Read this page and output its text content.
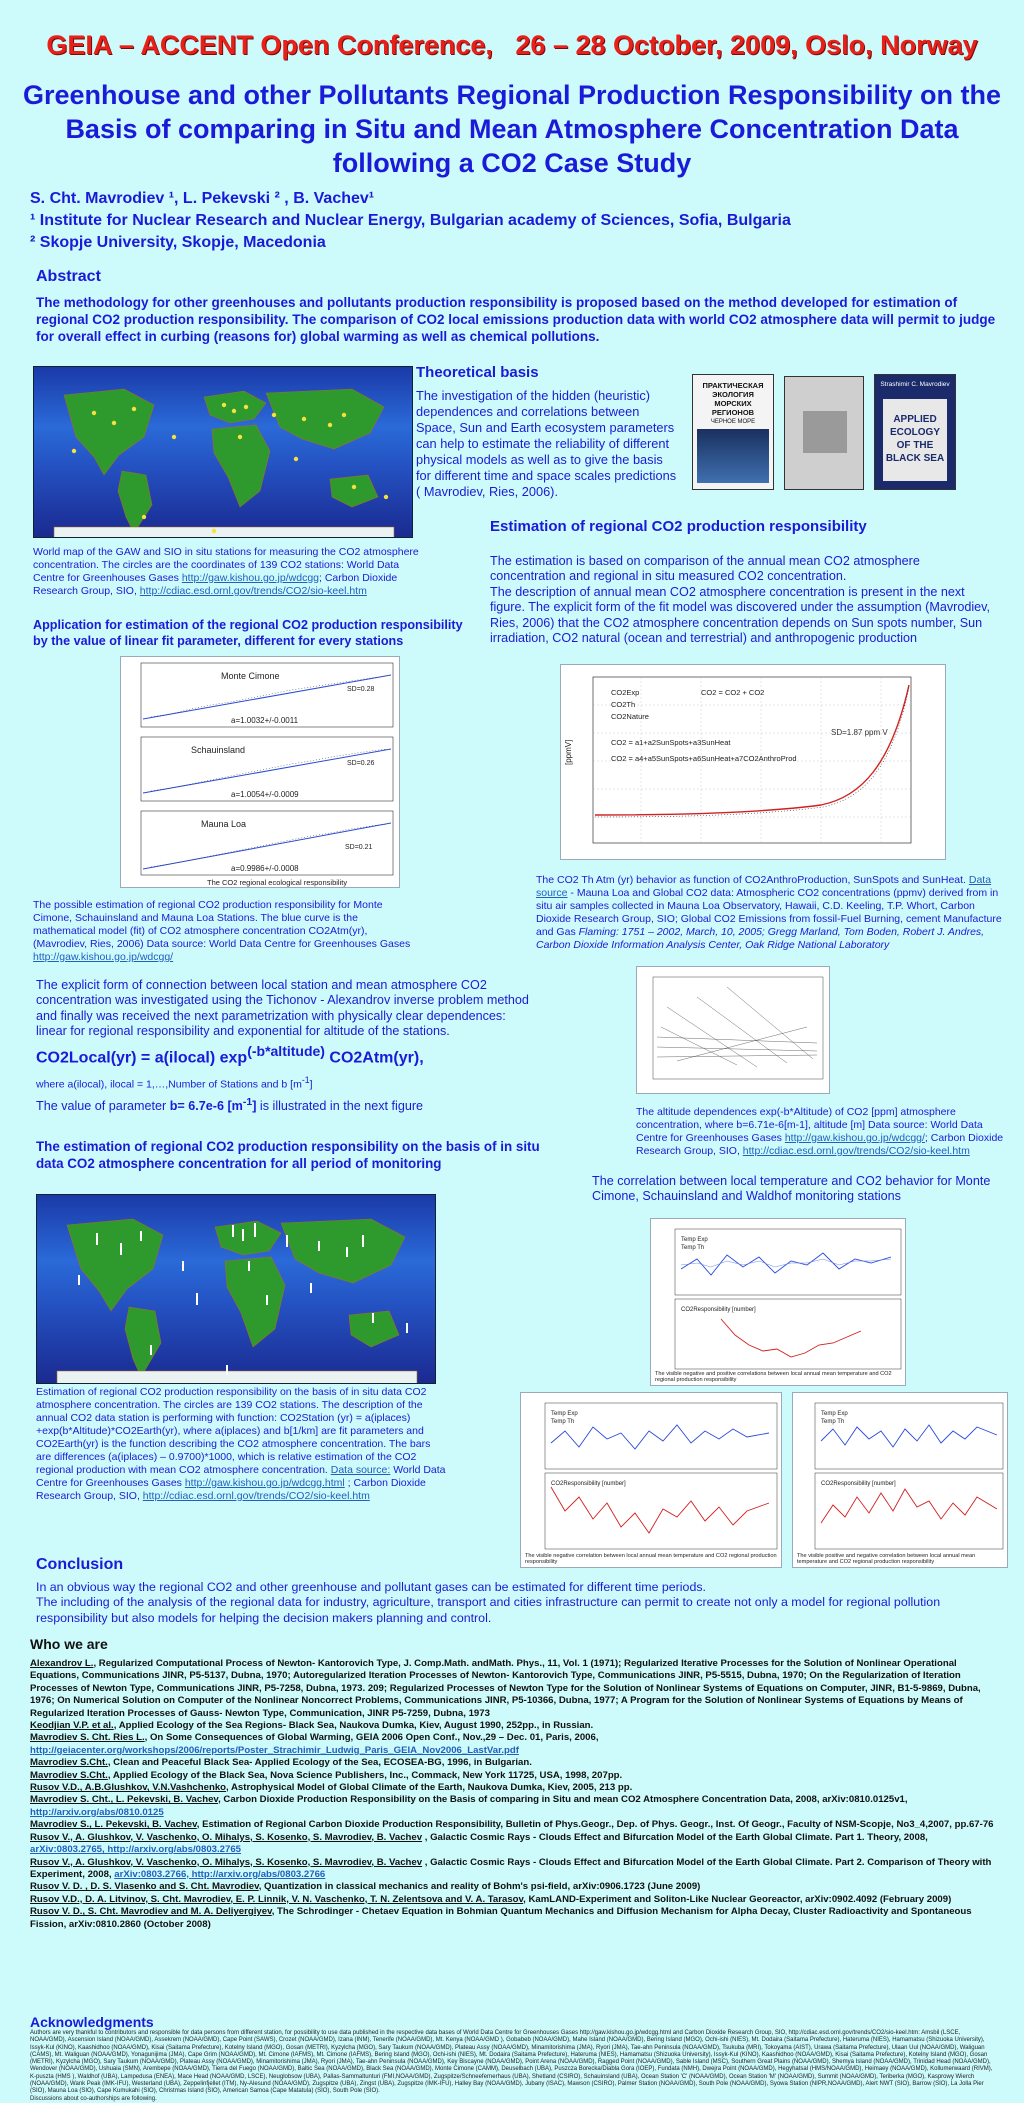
GEIA – ACCENT Open Conference,   26 – 28 October, 2009, Oslo, Norway
Greenhouse and other Pollutants Regional Production Responsibility on the Basis of comparing in Situ and Mean Atmosphere Concentration Data following a CO2 Case Study
S. Cht. Mavrodiev ¹, L. Pekevski ² , B. Vachev¹
¹ Institute for Nuclear Research and Nuclear Energy, Bulgarian academy of Sciences, Sofia, Bulgaria
² Skopje University, Skopje, Macedonia
Abstract
The methodology for other greenhouses and pollutants production responsibility is proposed based on the method developed for estimation of regional CO2 production responsibility. The comparison of CO2 local emissions production data with world CO2 atmosphere data will permit to judge for overall effect in curbing (reasons for) global warming as well as chemical pollutions.
World map of the GAW and SIO in situ stations for measuring the CO2 atmosphere concentration. The circles are the coordinates of 139 CO2 stations: World Data Centre for Greenhouses Gases http://gaw.kishou.go.jp/wdcgg; Carbon Dioxide Research Group, SIO, http://cdiac.esd.ornl.gov/trends/CO2/sio-keel.htm
Theoretical basis
The investigation of the hidden (heuristic) dependences and correlations between Space, Sun and Earth ecosystem parameters can help to estimate the reliability of different physical models as well as to give the basis for different time and space scales predictions ( Mavrodiev, Ries, 2006).
ПРАКТИЧЕСКАЯ ЭКОЛОГИЯ МОРСКИХ РЕГИОНОВ
ЧЕРНОЕ МОРЕ
Strashimir C. Mavrodiev
APPLIED ECOLOGY OF THE BLACK SEA
Estimation of regional CO2 production responsibility
The estimation is based on comparison of the annual mean CO2 atmosphere concentration and regional in situ measured CO2 concentration.
The description of annual mean CO2 atmosphere concentration is present in the next figure. The explicit form of the fit model was discovered under the assumption (Mavrodiev, Ries, 2006) that the CO2 atmosphere concentration depends on Sun spots number, Sun irradiation, CO2 natural (ocean and terrestrial) and anthropogenic production
Application for estimation of the regional CO2 production responsibility by the value of linear fit parameter, different for every stations
Monte Cimone
SD=0.28
a=1.0032+/-0.0011
Schauinsland
SD=0.26
a=1.0054+/-0.0009
Mauna Loa
SD=0.21
a=0.9986+/-0.0008
The CO2 regional ecological responsibility
The possible estimation of regional CO2 production responsibility for Monte Cimone, Schauinsland and Mauna Loa Stations. The blue curve is the mathematical model (fit) of CO2 atmosphere concentration CO2Atm(yr), (Mavrodiev, Ries, 2006) Data source: World Data Centre for Greenhouses Gases http://gaw.kishou.go.jp/wdcgg/
[ppmV]
SD=1.87 ppm V
CO2Exp
CO2Th
CO2Nature
CO2 = CO2 + CO2
CO2 = a1+a2SunSpots+a3SunHeat
CO2 = a4+a5SunSpots+a6SunHeat+a7CO2AnthroProd
The CO2 Th Atm (yr) behavior as function of CO2AnthroProduction, SunSpots and SunHeat. Data source - Mauna Loa and Global CO2 data: Atmospheric CO2 concentrations (ppmv) derived from in situ air samples collected in Mauna Loa Observatory, Hawaii, C.D. Keeling, T.P. Whort, Carbon Dioxide Research Group, SIO; Global CO2 Emissions from fossil-Fuel Burning, cement Manufacture and Gas Flaming: 1751 – 2002, March, 10, 2005; Gregg Marland, Tom Boden, Robert J. Andres, Carbon Dioxide Information Analysis Center, Oak Ridge National Laboratory
The explicit form of connection between local station and mean atmosphere CO2 concentration was investigated using the Tichonov - Alexandrov inverse problem method and finally was received the next parametrization with physically clear dependences: linear for regional responsibility and exponential for altitude of the stations.
CO2Local(yr) = a(ilocal) $\exp^{(-b*altitude)} CO2Atm(yr)$,
where a(ilocal), ilocal = 1,…,Number of Stations and b $[m^{-1}]$
The value of parameter b= 6.7e-6 $[m^{-1}]$ is illustrated in the next figure	The altitude dependences exp(-b*Altitude) of CO2 [ppm] atmosphere concentration, where b=6.71e-6[m-1], altitude [m] Data source: World Data Centre for Greenhouses Gases http://gaw.kishou.go.jp/wdcgg/; Carbon Dioxide Research Group, SIO, http://cdiac.esd.ornl.gov/trends/CO2/sio-keel.htm
The estimation of regional CO2 production responsibility on the basis of in situ data CO2 atmosphere concentration for all period of monitoring
Estimation of regional CO2 production responsibility on the basis of in situ data CO2 atmosphere concentration. The circles are 139 CO2 stations. The description of the annual CO2 data station is performing with function: CO2Station (yr) = a(iplaces) +exp(b*Altitude)*CO2Earth(yr), where a(iplaces) and b[1/km] are fit parameters and CO2Earth(yr) is the function describing the CO2 atmosphere concentration. The bars are differences (a(iplaces) – 0.9700)*1000, which is relative estimation of the CO2 regional production with mean CO2 atmosphere concentration. Data source: World Data Centre for Greenhouses Gases http://gaw.kishou.go.jp/wdcgg.html ; Carbon Dioxide Research Group, SIO, http://cdiac.esd.ornl.gov/trends/CO2/sio-keel.htm
The correlation between local temperature and CO2 behavior for Monte Cimone, Schauinsland and Waldhof monitoring stations
Temp Exp
Temp Th
CO2Responsibility [number]
The visible negative and positive correlations between local annual mean temperature and CO2 regional production responsibility
Temp Exp
Temp Th
CO2Responsibility [number]
The visible negative correlation between local annual mean temperature and CO2 regional production responsibility
Temp Exp
Temp Th
CO2Responsibility [number]
The visible positive and negative correlation between local annual mean temperature and CO2 regional production responsibility
Conclusion
In an obvious way the regional CO2 and other greenhouse and pollutant gases can be estimated for different time periods.
The including of the analysis of the regional data for industry, agriculture, transport and cities infrastructure can permit to create not only a model for regional pollution responsibility but also models for helping the decision makers planning and control.
Who we are

Alexandrov L., Regularized Computational Process of Newton- Kantorovich Type, J. Comp.Math. andMath. Phys., 11, Vol. 1 (1971); Regularized Iterative Processes for the Solution of Nonlinear Operational Equations, Communications JINR, P5-5137, Dubna, 1970; Autoregularized Iteration Processes of Newton- Kantorovich Type, Communications JINR, P5-5515, Dubna, 1970; On the Regularization of Iteration Processes of Newton Type, Communications JINR, P5-7258, Dubna, 1973. 209; Regularized Processes of Newton Type for the Solution of Nonlinear Systems of Equations on Computer, JINR, B1-5-9869, Dubna, 1976; On Numerical Solution on Computer of the Nonlinear Noncorrect Problems, Communications JINR, P5-10366, Dubna, 1977; A Program for the Solution of Nonlinear Systems of Equations by Means of Regularized Iteration Processes of Gauss- Newton Type, Communication, JINR P5-7259, Dubna, 1973

Keodjian V.P. et al., Applied Ecology of the Sea Regions- Black Sea, Naukova Dumka, Kiev, August 1990, 252pp., in Russian.

Mavrodiev S. Cht. Ries L., On Some Consequences of Global Warming, GEIA 2006 Open Conf., Nov.,29 – Dec. 01, Paris, 2006, http://geiacenter.org/workshops/2006/reports/Poster_Strachimir_Ludwig_Paris_GEIA_Nov2006_LastVar.pdf

Mavrodiev S.Cht., Clean and Peaceful Black Sea- Applied Ecology of the Sea, ECOSEA-BG, 1996, in Bulgarian.

Mavrodiev S.Cht., Applied Ecology of the Black Sea, Nova Science Publishers, Inc., Commack, New York 11725, USA, 1998, 207pp.

Rusov V.D., A.B.Glushkov, V.N.Vashchenko, Astrophysical Model of Global Climate of the Earth, Naukova Dumka, Kiev, 2005, 213 pp.

Mavrodiev S. Cht., L. Pekevski, B. Vachev, Carbon Dioxide Production Responsibility on the Basis of comparing in Situ and mean CO2 Atmosphere Concentration Data, 2008, arXiv:0810.0125v1, http://arxiv.org/abs/0810.0125

Mavrodiev S., L. Pekevski, B. Vachev, Estimation of Regional Carbon Dioxide Production Responsibility, Bulletin of Phys.Geogr., Dep. of Phys. Geogr., Inst. Of Geogr., Faculty of NSM-Scopje, No3_4,2007, pp.67-76

Rusov V., A. Glushkov, V. Vaschenko, O. Mihalys, S. Kosenko, S. Mavrodiev, B. Vachev , Galactic Cosmic Rays - Clouds Effect and Bifurcation Model of the Earth Global Climate. Part 1. Theory, 2008, arXiv:0803.2765, http://arxiv.org/abs/0803.2765

Rusov V., A. Glushkov, V. Vaschenko, O. Mihalys, S. Kosenko, S. Mavrodiev, B. Vachev , Galactic Cosmic Rays - Clouds Effect and Bifurcation Model of the Earth Global Climate. Part 2. Comparison of Theory with Experiment, 2008, arXiv:0803.2766, http://arxiv.org/abs/0803.2766

Rusov V. D. , D. S. Vlasenko and S. Cht. Mavrodiev, Quantization in classical mechanics and reality of Bohm's psi-field, arXiv:0906.1723 (June 2009)

Rusov V.D., D. A. Litvinov, S. Cht. Mavrodiev, E. P. Linnik, V. N. Vaschenko, T. N. Zelentsova and V. A. Tarasov, KamLAND-Experiment and Soliton-Like Nuclear Georeactor, arXiv:0902.4092 (February 2009)

Rusov V. D., S. Cht. Mavrodiev and M. A. Deliyergiyev, The Schrodinger - Chetaev Equation in Bohmian Quantum Mechanics and Diffusion Mechanism for Alpha Decay, Cluster Radioactivity and Spontaneous Fission, arXiv:0810.2860 (October 2008)

Acknowledgments
Authors are very thankful to contributors and responsible for data persons from different station, for possibility to use data published in the respective data bases of World Data Centre for Greenhouses Gases http://gaw.kishou.go.jp/wdcgg.html and Carbon Dioxide Research Group, SIO, http://cdiac.esd.ornl.gov/trends/CO2/sio-keel.htm: Amsbil (LSCE, NOAA/GMD), Ascension Island (NOAA/GMD), Assekrem (NOAA/GMD), Cape Point (SAWS), Crozet (NOAA/GMD), Izana (INM), Tenerife (NOAA/GMD), Mt. Kenya (NOAA/GMD ), Gobabeb (NOAA/GMD), Mahe Island (NOAA/GMD), Bering Island (MGO), Ochi-ishi (NIES), Mt. Dodaira (Saitama Prefecture), Hateruma (NIES), Hamamatsu (Shizuoka University), Issyk-Kul (KINO), Kaashidhoo (NOAA/GMD), Kisai (Saitama Prefecture), Kotelny Island (MGO), Gosan (METRI), Kyzylcha (MGO), Sary Taukum (NOAA/GMD), Plateau Assy (NOAA/GMD), Minamitorishima (JMA), Ryori (JMA), Tae-ahn Peninsula (NOAA/GMD), Tsukuba (MRI), Tokoyama (AIST), Urawa (Saitama Prefecture), Ulaan Uul (NOAA/GMD), Waliguan (CAMS), Mt. Waliguan (NOAA/GMD), Yonagunijima (JMA), Cape Grim (NOAA/GMD), Mt. Cimone (IAFMS), Mt. Cimone (IAFMS), Bering Island (MGO), Ochi-ishi (NIES), Mt. Dodaira (Saitama Prefecture), Hateruma (NIES), Hamamatsu (Shizuoka University), Issyk-Kul (KINO), Kaashidhoo (NOAA/GMD), Kisai (Saitama Prefecture), Kotelny Island (MGO), Gosan (METRI), Kyzylcha (MGO), Sary Taukum (NOAA/GMD), Plateau Assy (NOAA/GMD), Minamitorishima (JMA), Ryori (JMA), Tae-ahn Peninsula (NOAA/GMD), Key Biscayne (NOAA/GMD), Point Arena (NOAA/GMD), Ragged Point (NOAA/GMD), Sable Island (MSC), Southern Great Plains (NOAA/GMD), Shemya Island (NOAA/GMD), Trinidad Head (NOAA/GMD), Wendover (NOAA/GMD), Ushuaia (SMN), Arembepe (NOAA/GMD), Tierra del Fuego (NOAA/GMD), Baltic Sea (NOAA/GMD), Black Sea (NOAA/GMD), Monte Cimone (CAMM), Deuselbach (UBA), Puszcza Borecka/Diabla Gora (IOEP), Fundata (NMH), Dwejra Point (NOAA/GMD), Hegyhatsal (HMS/NOAA/GMD), Heimaey (NOAA/GMD), Kollumerwaard (RIVM), K-puszta (HMS ), Waldhof (UBA), Lampedusa (ENEA), Mace Head (NOAA/GMD, LSCE), Neuglobsow (UBA), Pallas-Sammaltunturi (FMI,NOAA/GMD), Zugspitze/Schneefernerhaus (UBA), Shetland (CSIRO), Schauinsland (UBA), Ocean Station 'C' (NOAA/GMD), Ocean Station 'M' (NOAA/GMD), Summit (NOAA/GMD), Teriberka (MGO), Kasprowy Wierch (NOAA/GMD), Wank Peak (IMK-IFU), Westerland (UBA), Zeppelinfjellet (ITM), Ny-Alesund (NOAA/GMD), Zugspitze (UBA), Zingst (UBA), Zugspitze (IMK-IFU), Halley Bay (NOAA/GMD), Jubany (ISAC), Mawson (CSIRO), Palmer Station (NOAA/GMD), South Pole (NOAA/GMD), Syowa Station (NIPR,NOAA/GMD), Alert NWT (SIO), Barrow (SIO), La Jolla Pier (SIO), Mauna Loa (SIO), Cape Kumukahi (SIO), Christmas Island (SIO), American Samoa (Cape Matatula) (SIO), South Pole (SIO).
Discussions about co-authorships are following.
